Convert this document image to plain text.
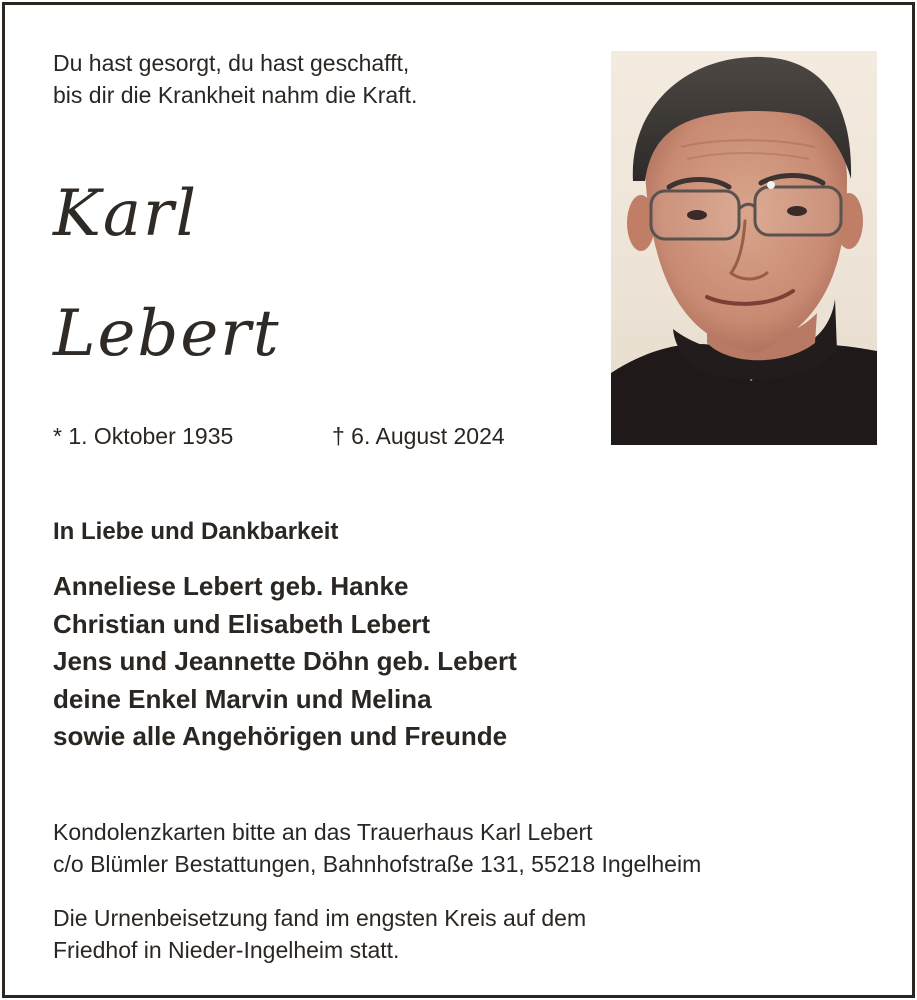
Du hast gesorgt, du hast geschafft,
bis dir die Krankheit nahm die Kraft.
Karl
Lebert
* 1. Oktober 1935	† 6. August 2024
In Liebe und Dankbarkeit
Anneliese Lebert geb. Hanke
Christian und Elisabeth Lebert
Jens und Jeannette Döhn geb. Lebert
deine Enkel Marvin und Melina
sowie alle Angehörigen und Freunde
Kondolenzkarten bitte an das Trauerhaus Karl Lebert
c/o Blümler Bestattungen, Bahnhofstraße 131, 55218 Ingelheim
Die Urnenbeisetzung fand im engsten Kreis auf dem
Friedhof in Nieder-Ingelheim statt.
